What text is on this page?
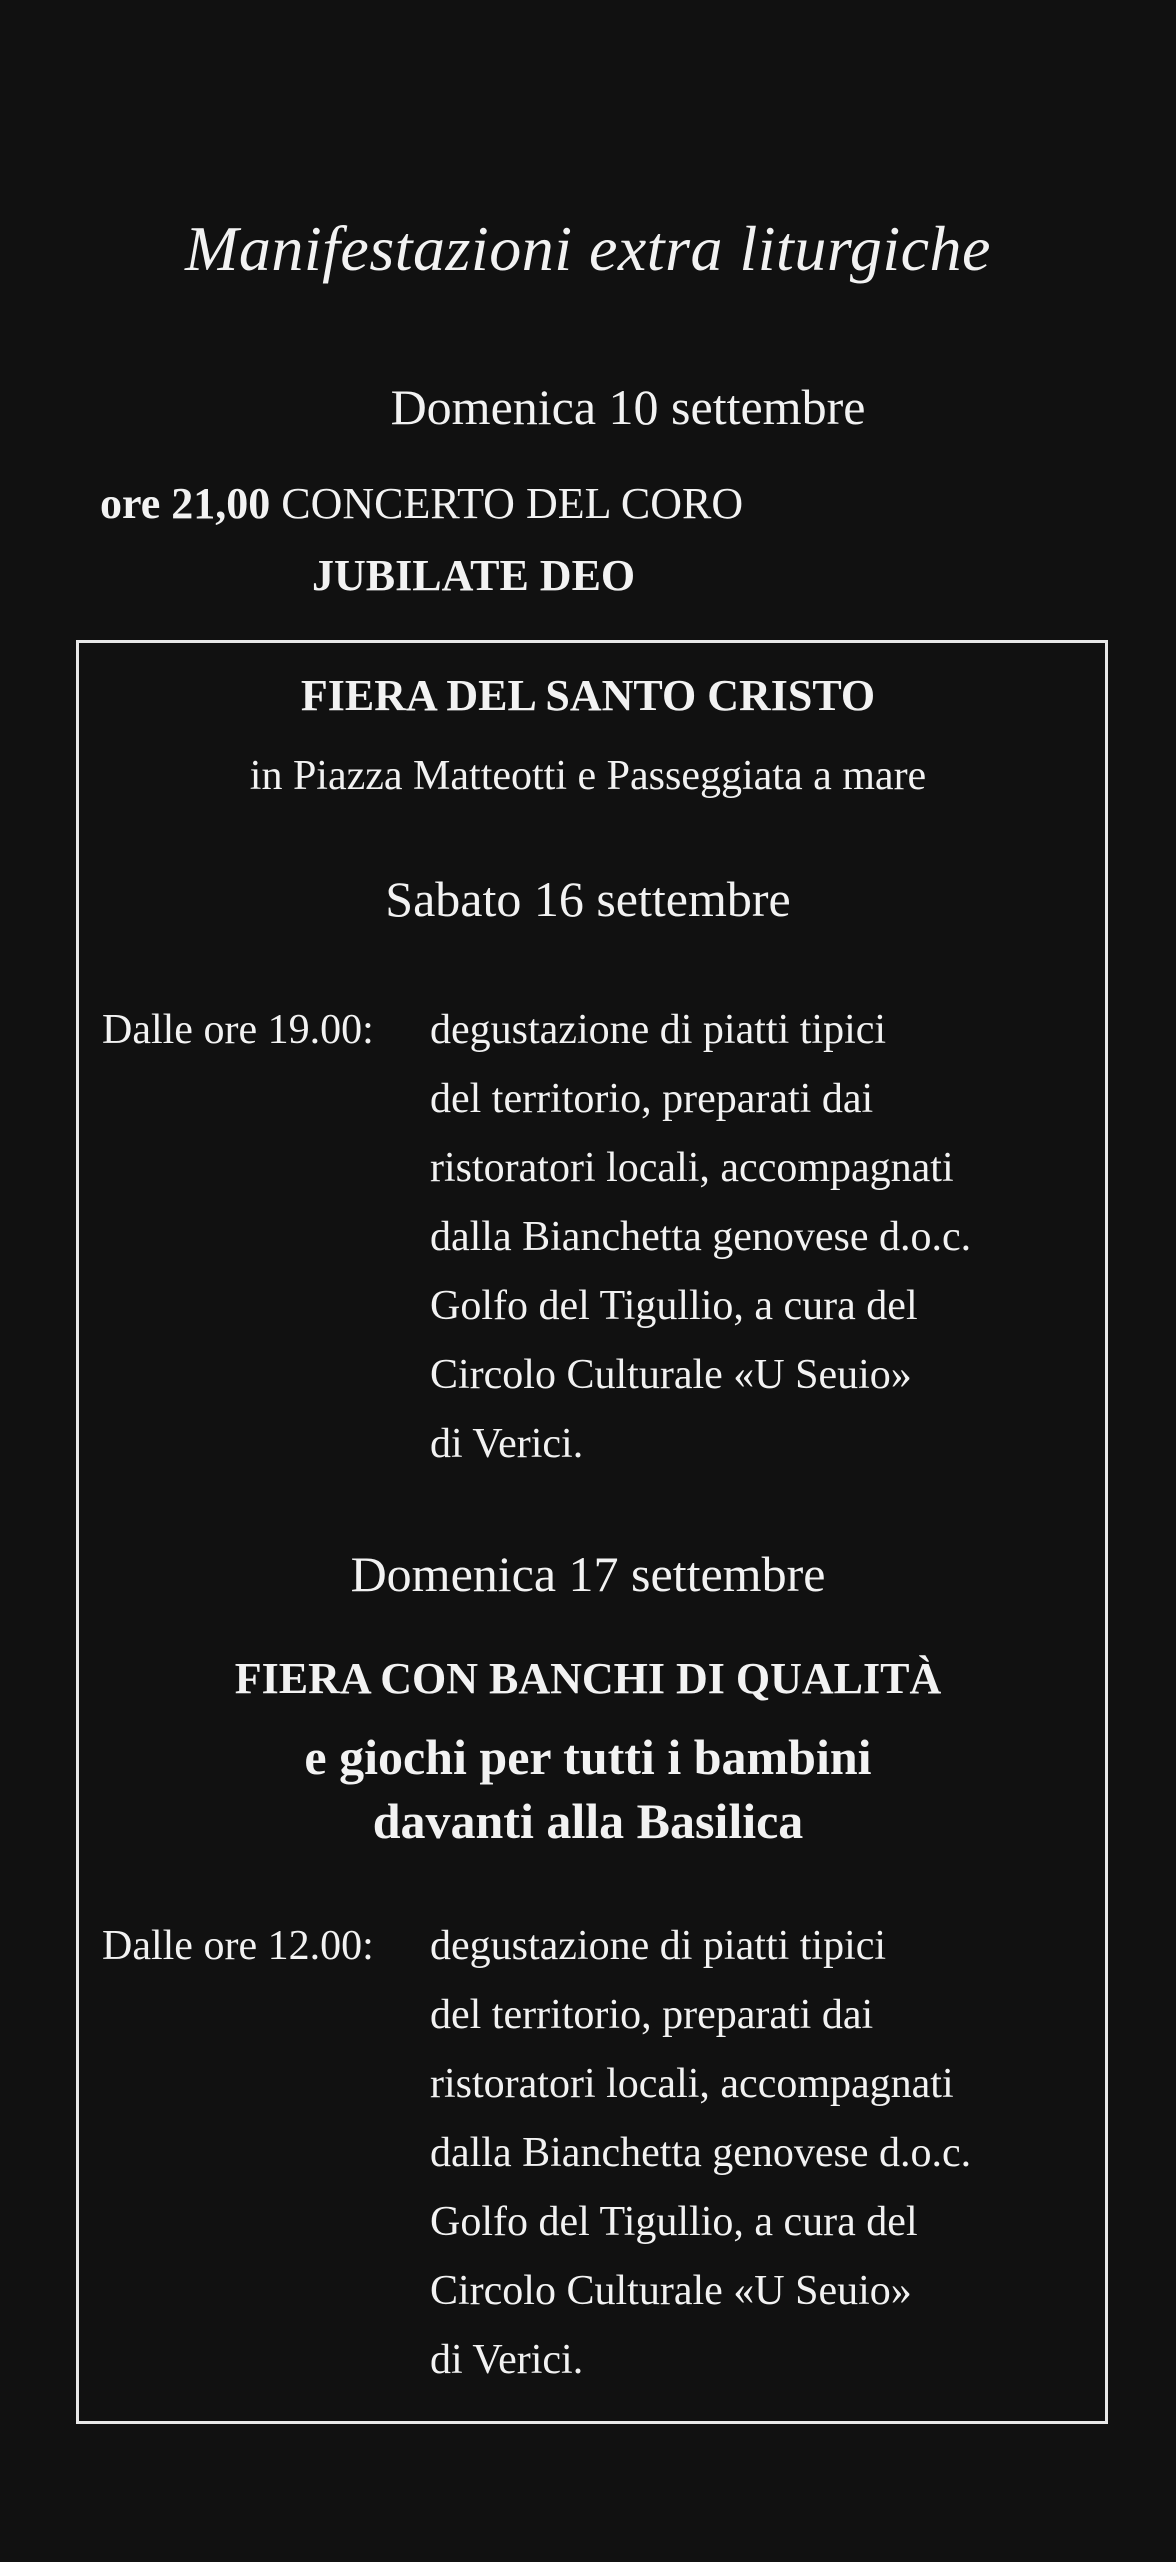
Manifestazioni extra liturgiche
Domenica 10 settembre
ore 21,00 CONCERTO DEL CORO
JUBILATE DEO
FIERA DEL SANTO CRISTO
in Piazza Matteotti e Passeggiata a mare
Sabato 16 settembre
Dalle ore 19.00: degustazione di piatti tipici
del territorio, preparati dai
ristoratori locali, accompagnati
dalla Bianchetta genovese d.o.c.
Golfo del Tigullio, a cura del
Circolo Culturale «U Seuio»
di Verici.
Domenica 17 settembre
FIERA CON BANCHI DI QUALITÀ
e giochi per tutti i bambini
davanti alla Basilica
Dalle ore 12.00: degustazione di piatti tipici
del territorio, preparati dai
ristoratori locali, accompagnati
dalla Bianchetta genovese d.o.c.
Golfo del Tigullio, a cura del
Circolo Culturale «U Seuio»
di Verici.
